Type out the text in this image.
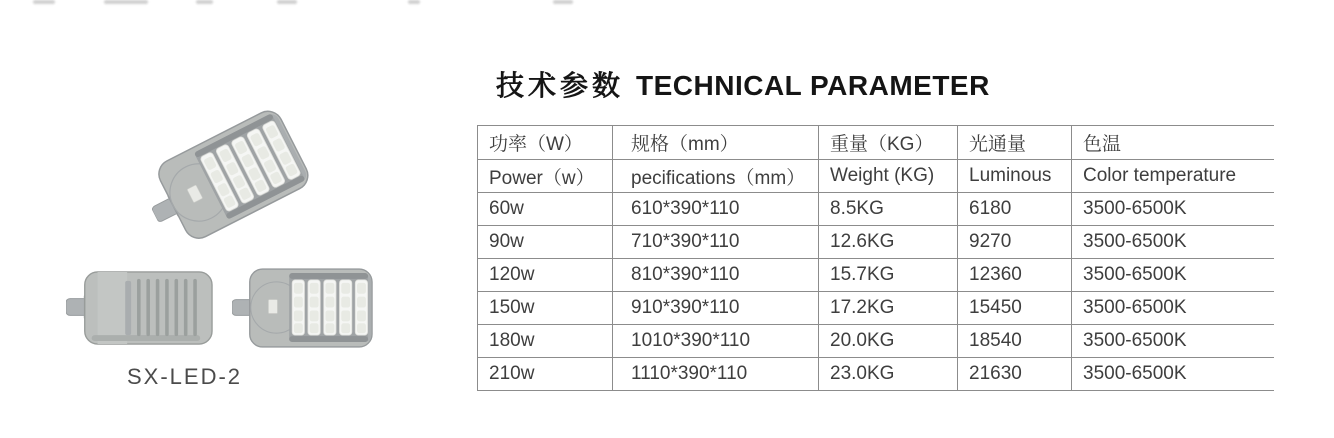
SX-LED-2
技术参数 TECHNICAL PARAMETER
功率（W）	规格（mm）	重量（KG）	光通量	色温
Power（w）	pecifications（mm）	Weight (KG)	Luminous	Color temperature
60w	610*390*110	8.5KG	6180	3500-6500K
90w	710*390*110	12.6KG	9270	3500-6500K
120w	810*390*110	15.7KG	12360	3500-6500K
150w	910*390*110	17.2KG	15450	3500-6500K
180w	1010*390*110	20.0KG	18540	3500-6500K
210w	1110*390*110	23.0KG	21630	3500-6500K
